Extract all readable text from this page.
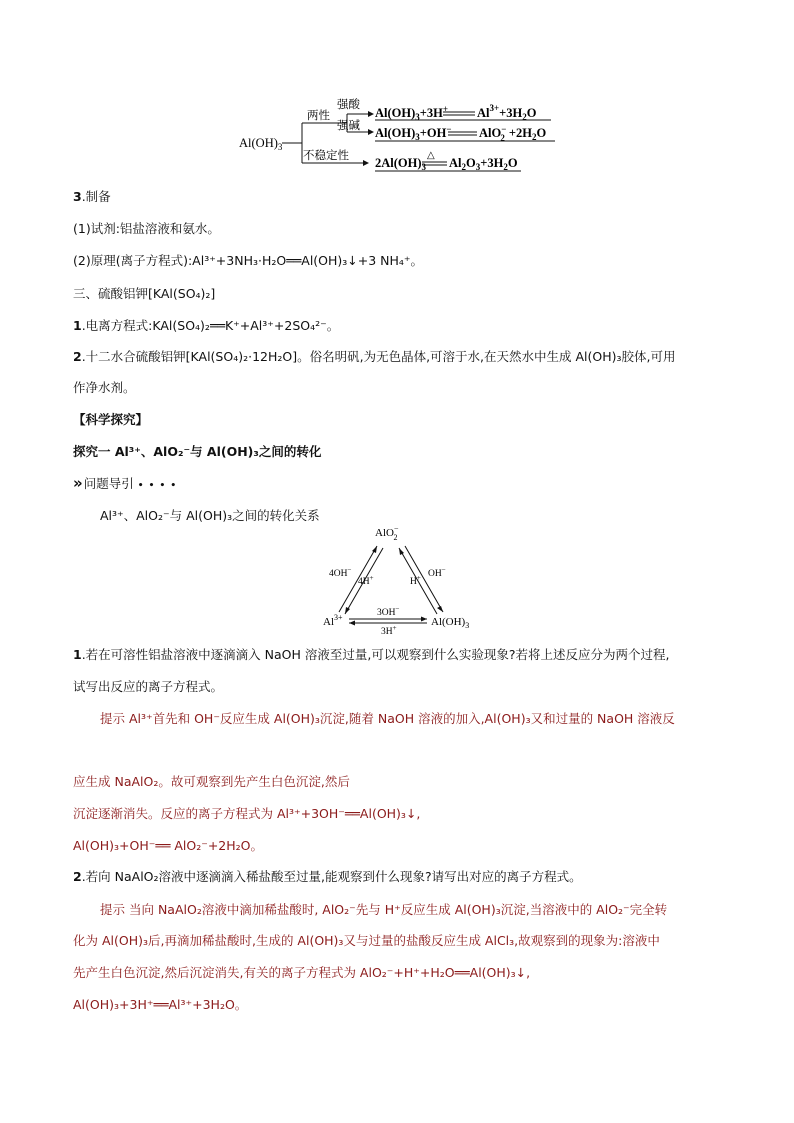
$Al(OH)_3$
两性
强酸
强碱
不稳定性
$Al(OH)_3+3H^+$ $Al^{3+}+3H_2O$
$Al(OH)_3+OH^-$ AlO− $2 +2H_2O$
$2Al(OH)_3$
△
$Al_2O_3+3H_2O$
3.制备
(1)试剂:铝盐溶液和氨水。
(2)原理(离子方程式):Al³⁺+3NH₃·H₂O══Al(OH)₃↓+3 NH₄⁺。
三、硫酸铝钾[KAl(SO₄)₂]
1.电离方程式:KAl(SO₄)₂══K⁺+Al³⁺+2SO₄²⁻。
2.十二水合硫酸铝钾[KAl(SO₄)₂·12H₂O]。俗名明矾,为无色晶体,可溶于水,在天然水中生成 Al(OH)₃胶体,可用
作净水剂。
【科学探究】
探究一 Al³⁺、AlO₂⁻与 Al(OH)₃之间的转化
» 问题导引 • • • •
Al³⁺、AlO₂⁻与 Al(OH)₃之间的转化关系
AlO− 2
$Al^{3+}$	$Al(OH)_3$
4OH−
4H+	OH−
H+
3OH−
3H+
1.若在可溶性铝盐溶液中逐滴滴入 NaOH 溶液至过量,可以观察到什么实验现象?若将上述反应分为两个过程,
试写出反应的离子方程式。
提示 Al³⁺首先和 OH⁻反应生成 Al(OH)₃沉淀,随着 NaOH 溶液的加入,Al(OH)₃又和过量的 NaOH 溶液反
应生成 NaAlO₂。故可观察到先产生白色沉淀,然后
沉淀逐渐消失。反应的离子方程式为 Al³⁺+3OH⁻══Al(OH)₃↓,
Al(OH)₃+OH⁻══ AlO₂⁻+2H₂O。
2.若向 NaAlO₂溶液中逐滴滴入稀盐酸至过量,能观察到什么现象?请写出对应的离子方程式。
提示 当向 NaAlO₂溶液中滴加稀盐酸时, AlO₂⁻先与 H⁺反应生成 Al(OH)₃沉淀,当溶液中的 AlO₂⁻完全转
化为 Al(OH)₃后,再滴加稀盐酸时,生成的 Al(OH)₃又与过量的盐酸反应生成 AlCl₃,故观察到的现象为:溶液中
先产生白色沉淀,然后沉淀消失,有关的离子方程式为 AlO₂⁻+H⁺+H₂O══Al(OH)₃↓,
Al(OH)₃+3H⁺══Al³⁺+3H₂O。
